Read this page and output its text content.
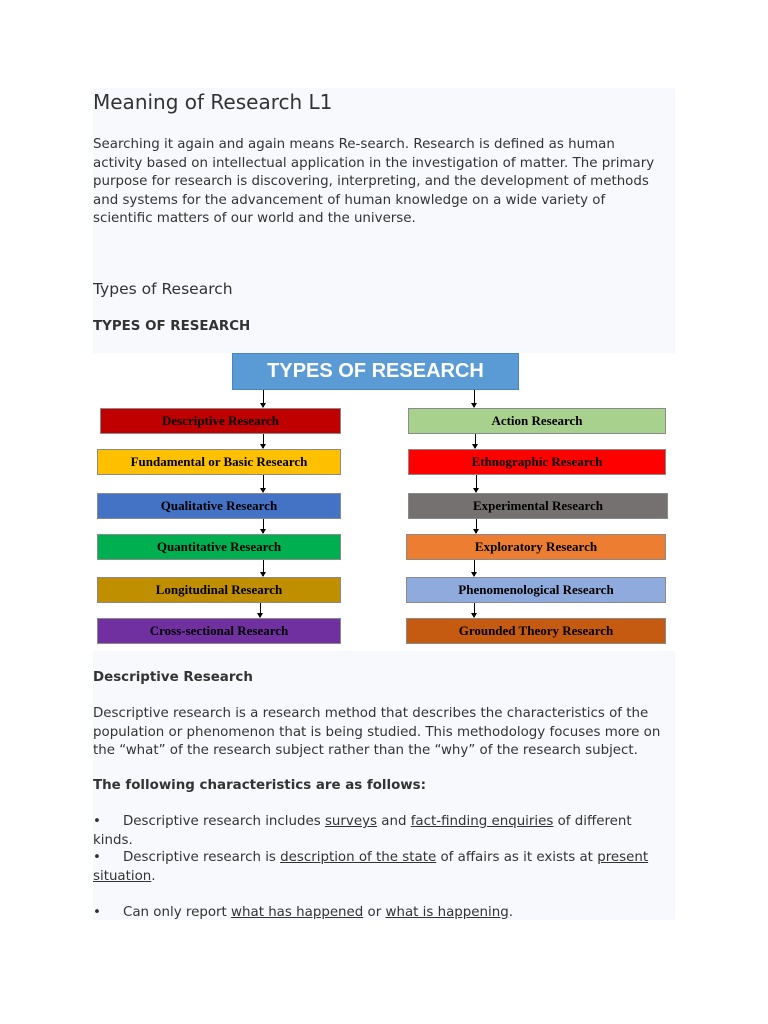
Meaning of Research L1

Searching it again and again means Re-search. Research is defined as human activity based on intellectual application in the investigation of matter. The primary purpose for research is discovering, interpreting, and the development of methods and systems for the advancement of human knowledge on a wide variety of scientific matters of our world and the universe.

Types of Research

TYPES OF RESEARCH

TYPES OF RESEARCH
Descriptive Research
Fundamental or Basic Research
Qualitative Research
Quantitative Research
Longitudinal Research
Cross-sectional Research
Action Research
Ethnographic Research
Experimental Research
Exploratory Research
Phenomenological Research
Grounded Theory Research

Descriptive Research

Descriptive research is a research method that describes the characteristics of the population or phenomenon that is being studied. This methodology focuses more on the “what” of the research subject rather than the “why” of the research subject.

The following characteristics are as follows:

• Descriptive research includes surveys and fact-finding enquiries of different kinds.

• Descriptive research is description of the state of affairs as it exists at present situation.

• Can only report what has happened or what is happening.
